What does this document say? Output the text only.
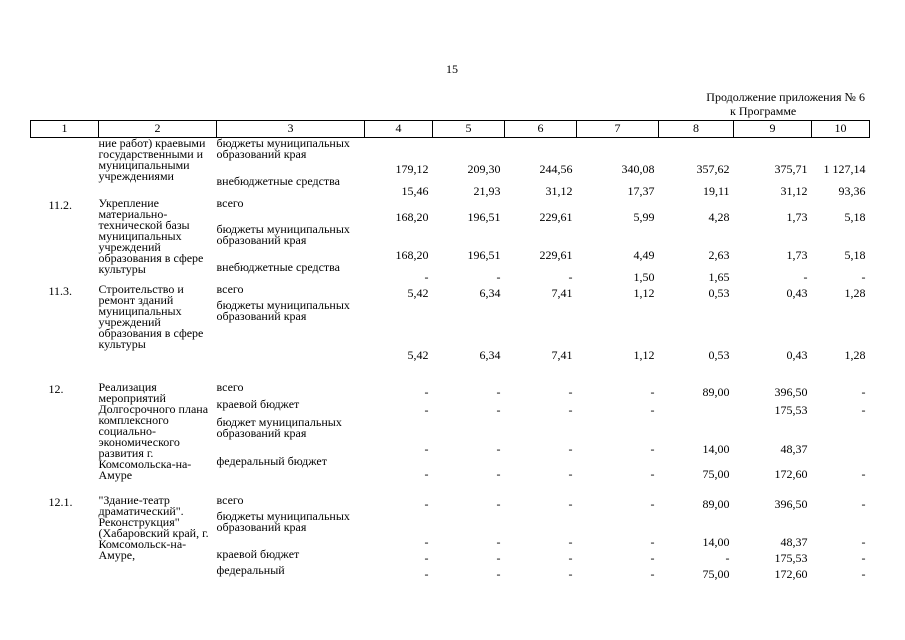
15
Продолжение приложения № 6
к Программе
1	2	3	4	5	6	7	8	9	10
	ние работ) краевыми государственными и муниципальными учреждениями	бюджеты муниципальных образований края	179,12	209,30	244,56	340,08	357,62	375,71	1 127,14
		внебюджетные средства	15,46	21,93	31,12	17,37	19,11	31,12	93,36
11.2.	Укрепление материально-технической базы муниципальных учреждений образования в сфере культуры	всего	168,20	196,51	229,61	5,99	4,28	1,73	5,18
		бюджеты муниципальных образований края	168,20	196,51	229,61	4,49	2,63	1,73	5,18
		внебюджетные средства	-	-	-	1,50	1,65	-	-
11.3.	Строительство и ремонт зданий муниципальных учреждений образования в сфере культуры	всего	5,42	6,34	7,41	1,12	0,53	0,43	1,28
		бюджеты муниципальных образований края	5,42	6,34	7,41	1,12	0,53	0,43	1,28

12.	Реализация мероприятий Долгосрочного плана комплексного социально-экономического развития г. Комсомольска-на-Амуре	всего	-	-	-	-	89,00	396,50	-
		краевой бюджет	-	-	-	-		175,53	-
		бюджет муниципальных образований края	-	-	-	-	14,00	48,37	
		федеральный бюджет	-	-	-	-	75,00	172,60	-

12.1.	"Здание-театр драматический". Реконструкция" (Хабаровский край, г. Комсомольск-на-Амуре,	всего	-	-	-	-	89,00	396,50	-
		бюджеты муниципальных образований края	-	-	-	-	14,00	48,37	-
		краевой бюджет	-	-	-	-	-	175,53	-
		федеральный	-	-	-	-	75,00	172,60	-
